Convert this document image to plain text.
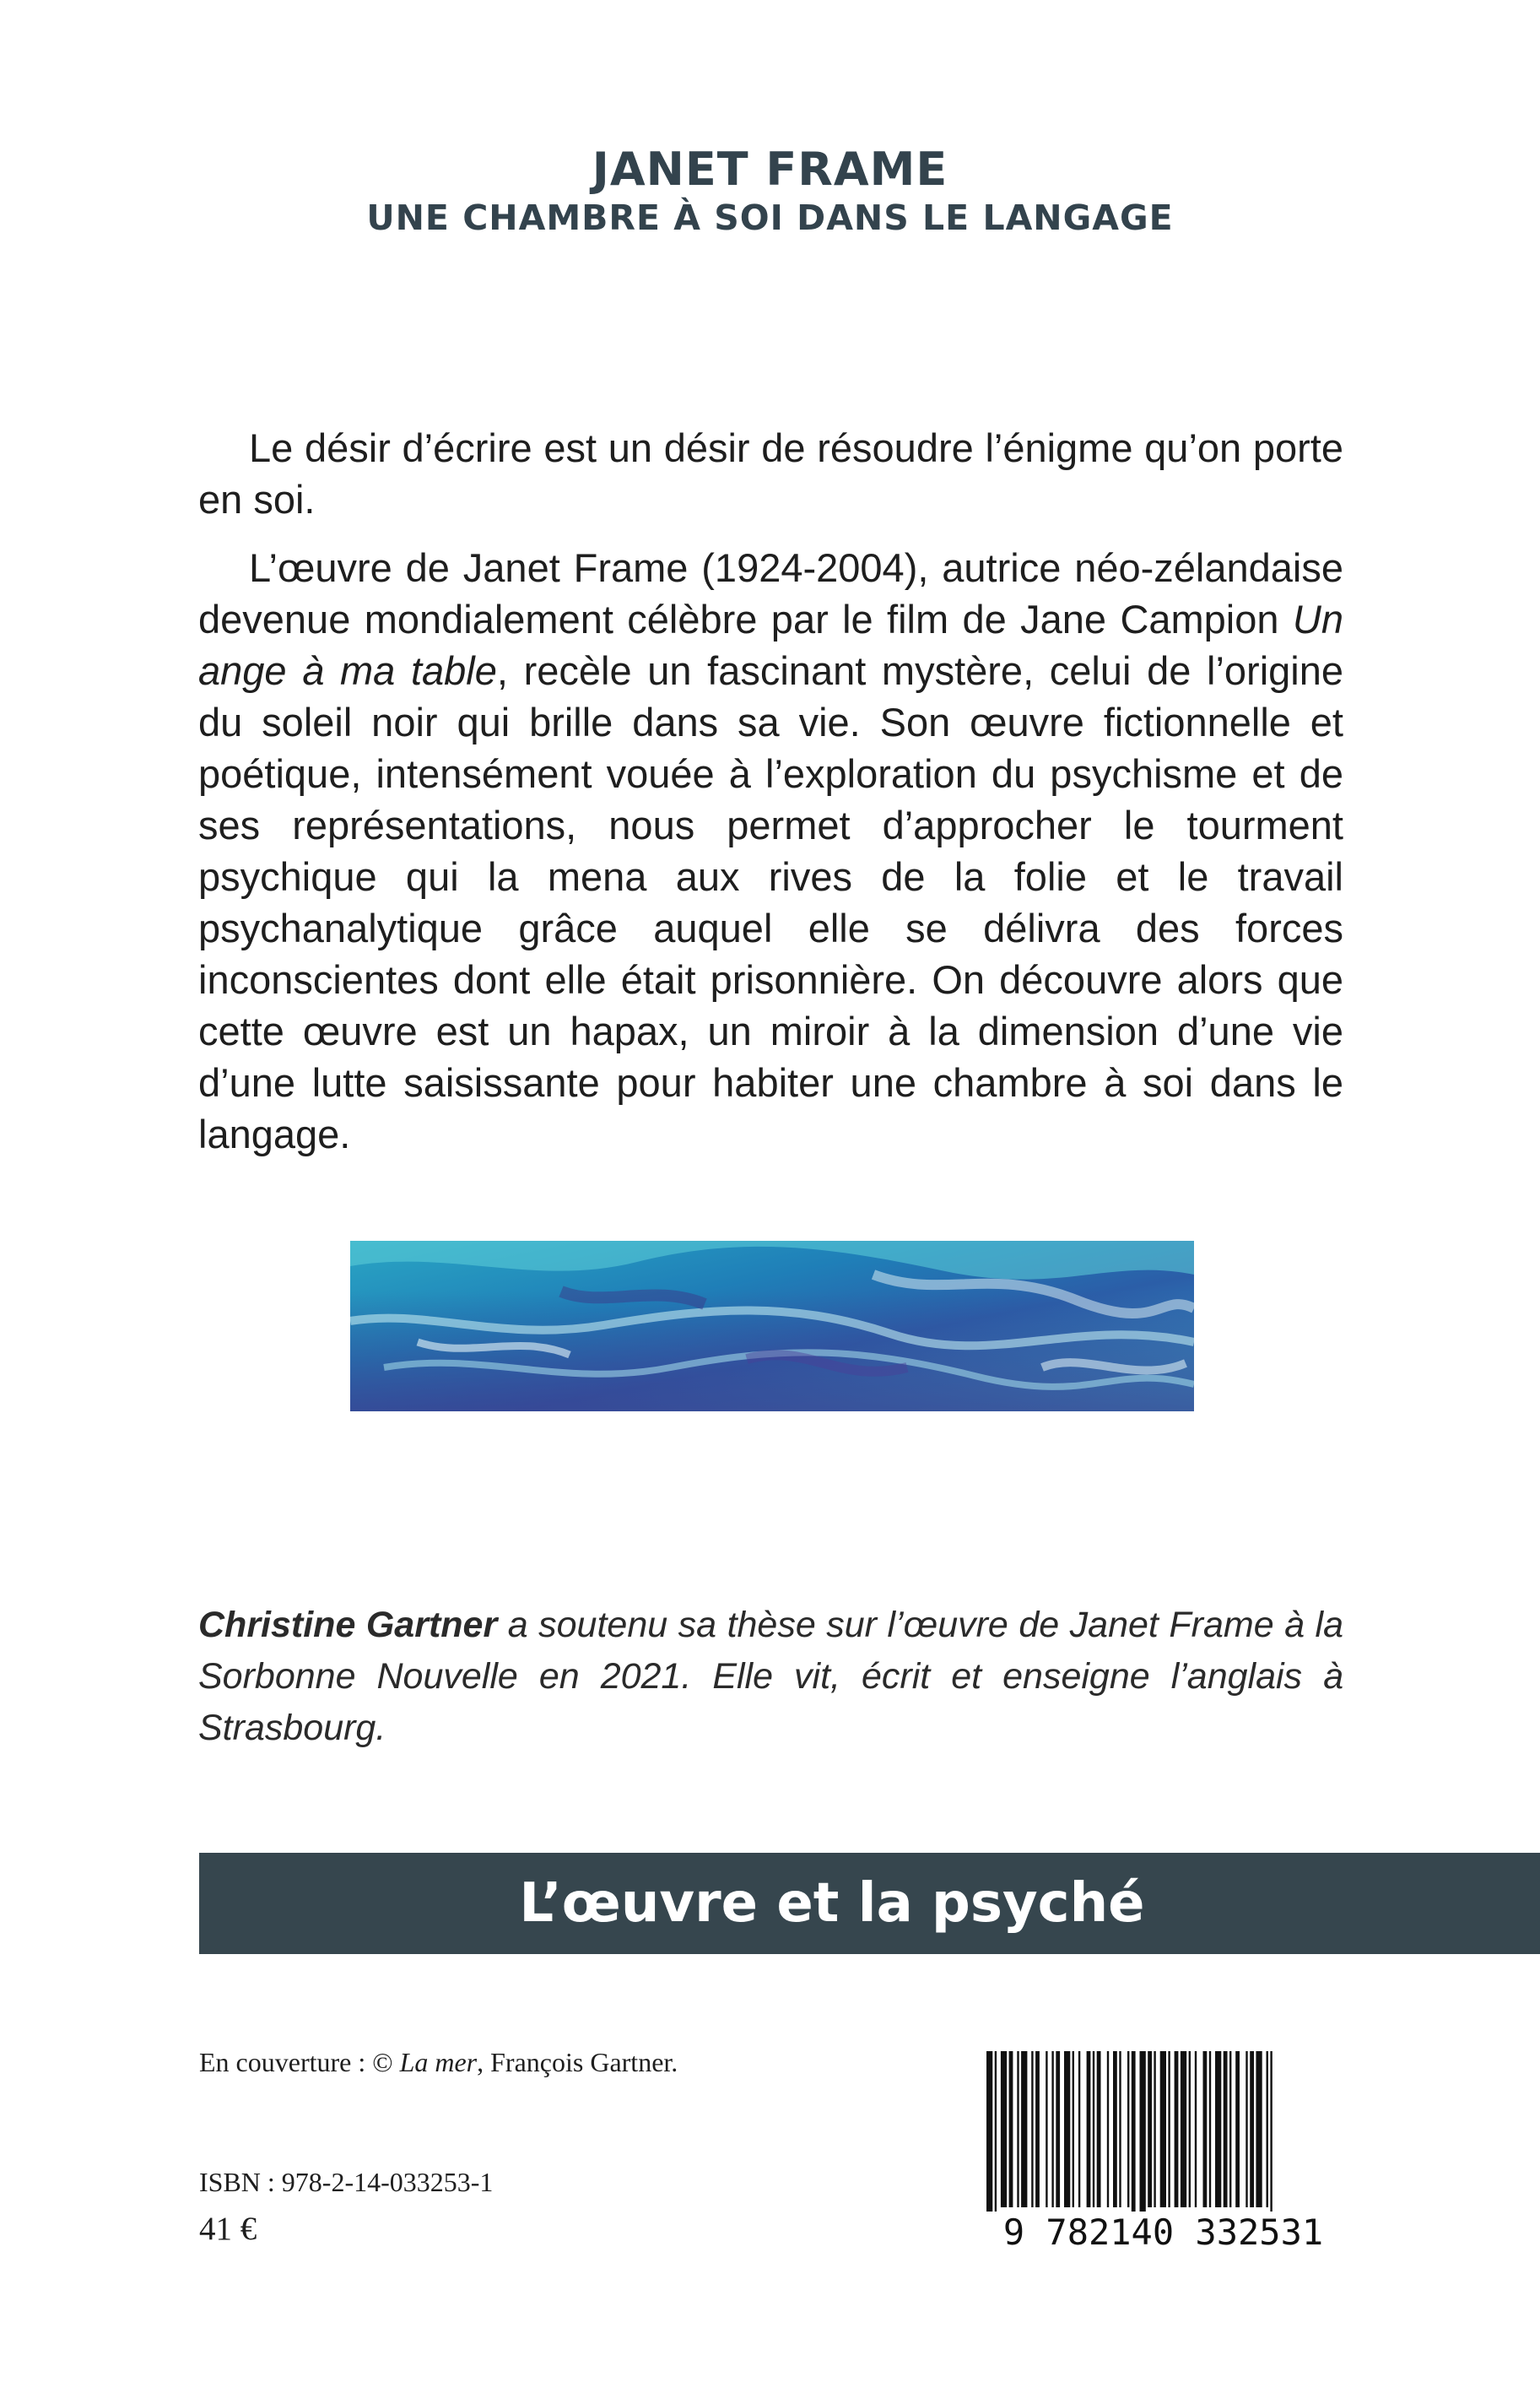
JANET FRAME
UNE CHAMBRE À SOI DANS LE LANGAGE

Le désir d’écrire est un désir de résoudre l’énigme qu’on porte en soi.

L’œuvre de Janet Frame (1924-2004), autrice néo-zélandaise devenue mondialement célèbre par le film de Jane Campion Un ange à ma table, recèle un fascinant mystère, celui de l’origine du soleil noir qui brille dans sa vie. Son œuvre fictionnelle et poétique, intensément vouée à l’exploration du psychisme et de ses représentations, nous permet d’approcher le tourment psychique qui la mena aux rives de la folie et le travail psychanalytique grâce auquel elle se délivra des forces inconscientes dont elle était prisonnière. On découvre alors que cette œuvre est un hapax, un miroir à la dimension d’une vie d’une lutte saisissante pour habiter une chambre à soi dans le langage.

Christine Gartner a soutenu sa thèse sur l’œuvre de Janet Frame à la Sorbonne Nouvelle en 2021. Elle vit, écrit et enseigne l’anglais à Strasbourg.
L’œuvre et la psyché
En couverture : © La mer, François Gartner.
ISBN : 978-2-14-033253-1
41 €	9 782140 332531
